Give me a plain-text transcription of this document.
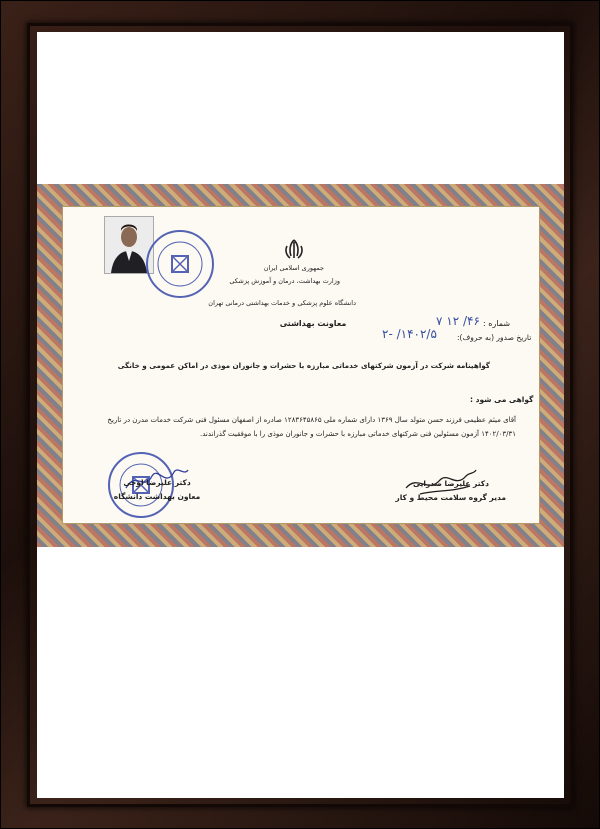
جمهوری اسلامی ایران
وزارت بهداشت، درمان و آموزش پزشکی
دانشگاه علوم پزشکی و خدمات بهداشتی درمانی تهران
معاونت بهداشتی	شماره :
۴۶/ ۱۲ ۷
تاریخ صدور (به حروف):
۱۴۰۲/۵/ -۲
گواهینامه شرکت در آزمون شرکتهای خدماتی مبارزه با حشرات و جانوران موذی در اماکن عمومی و خانگی
گواهی می شود :
آقای میثم عظیمی فرزند حسن متولد سال ۱۳۶۹ دارای شماره ملی ۱۲۸۳۶۴۵۸۶۵ صادره از اصفهان مسئول فنی شرکت خدمات مدرن در تاریخ
۱۴۰۲/۰۳/۳۱ آزمون مسئولین فنی شرکتهای خدماتی مبارزه با حشرات و جانوران موذی را با موفقیت گذراندند.
دکتر علیرضا اوجی
معاون بهداشت دانشگاه
دکتر علیرضا صدرایی
مدیر گروه سلامت محیط و کار
